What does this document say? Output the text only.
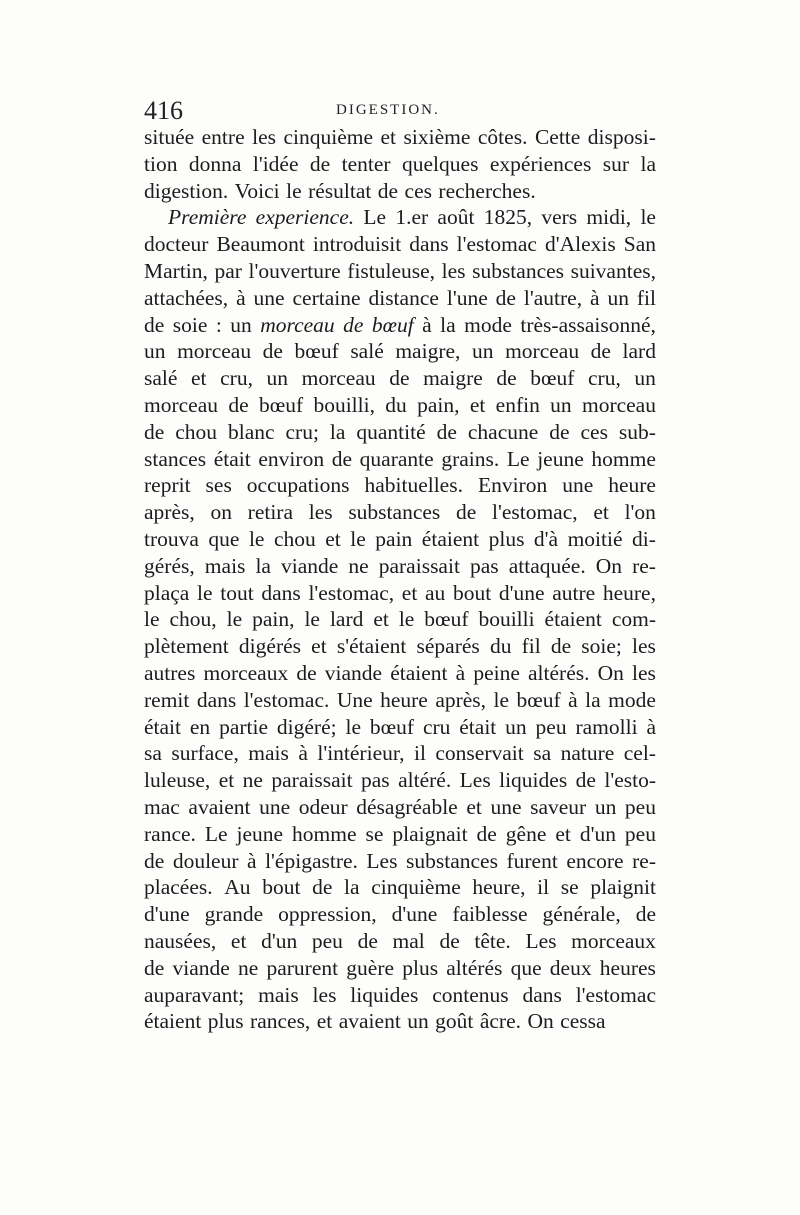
416	DIGESTION.
située entre les cinquième et sixième côtes. Cette disposi-
tion donna l'idée de tenter quelques expériences sur la
digestion. Voici le résultat de ces recherches.
Première experience. Le 1.er août 1825, vers midi, le
docteur Beaumont introduisit dans l'estomac d'Alexis San
Martin, par l'ouverture fistuleuse, les substances suivantes,
attachées, à une certaine distance l'une de l'autre, à un fil
de soie : un morceau de bœuf à la mode très-assaisonné,
un morceau de bœuf salé maigre, un morceau de lard
salé et cru, un morceau de maigre de bœuf cru, un
morceau de bœuf bouilli, du pain, et enfin un morceau
de chou blanc cru; la quantité de chacune de ces sub-
stances était environ de quarante grains. Le jeune homme
reprit ses occupations habituelles. Environ une heure
après, on retira les substances de l'estomac, et l'on
trouva que le chou et le pain étaient plus d'à moitié di-
gérés, mais la viande ne paraissait pas attaquée. On re-
plaça le tout dans l'estomac, et au bout d'une autre heure,
le chou, le pain, le lard et le bœuf bouilli étaient com-
plètement digérés et s'étaient séparés du fil de soie; les
autres morceaux de viande étaient à peine altérés. On les
remit dans l'estomac. Une heure après, le bœuf à la mode
était en partie digéré; le bœuf cru était un peu ramolli à
sa surface, mais à l'intérieur, il conservait sa nature cel-
luleuse, et ne paraissait pas altéré. Les liquides de l'esto-
mac avaient une odeur désagréable et une saveur un peu
rance. Le jeune homme se plaignait de gêne et d'un peu
de douleur à l'épigastre. Les substances furent encore re-
placées. Au bout de la cinquième heure, il se plaignit
d'une grande oppression, d'une faiblesse générale, de
nausées, et d'un peu de mal de tête. Les morceaux
de viande ne parurent guère plus altérés que deux heures
auparavant; mais les liquides contenus dans l'estomac
étaient plus rances, et avaient un goût âcre. On cessa
